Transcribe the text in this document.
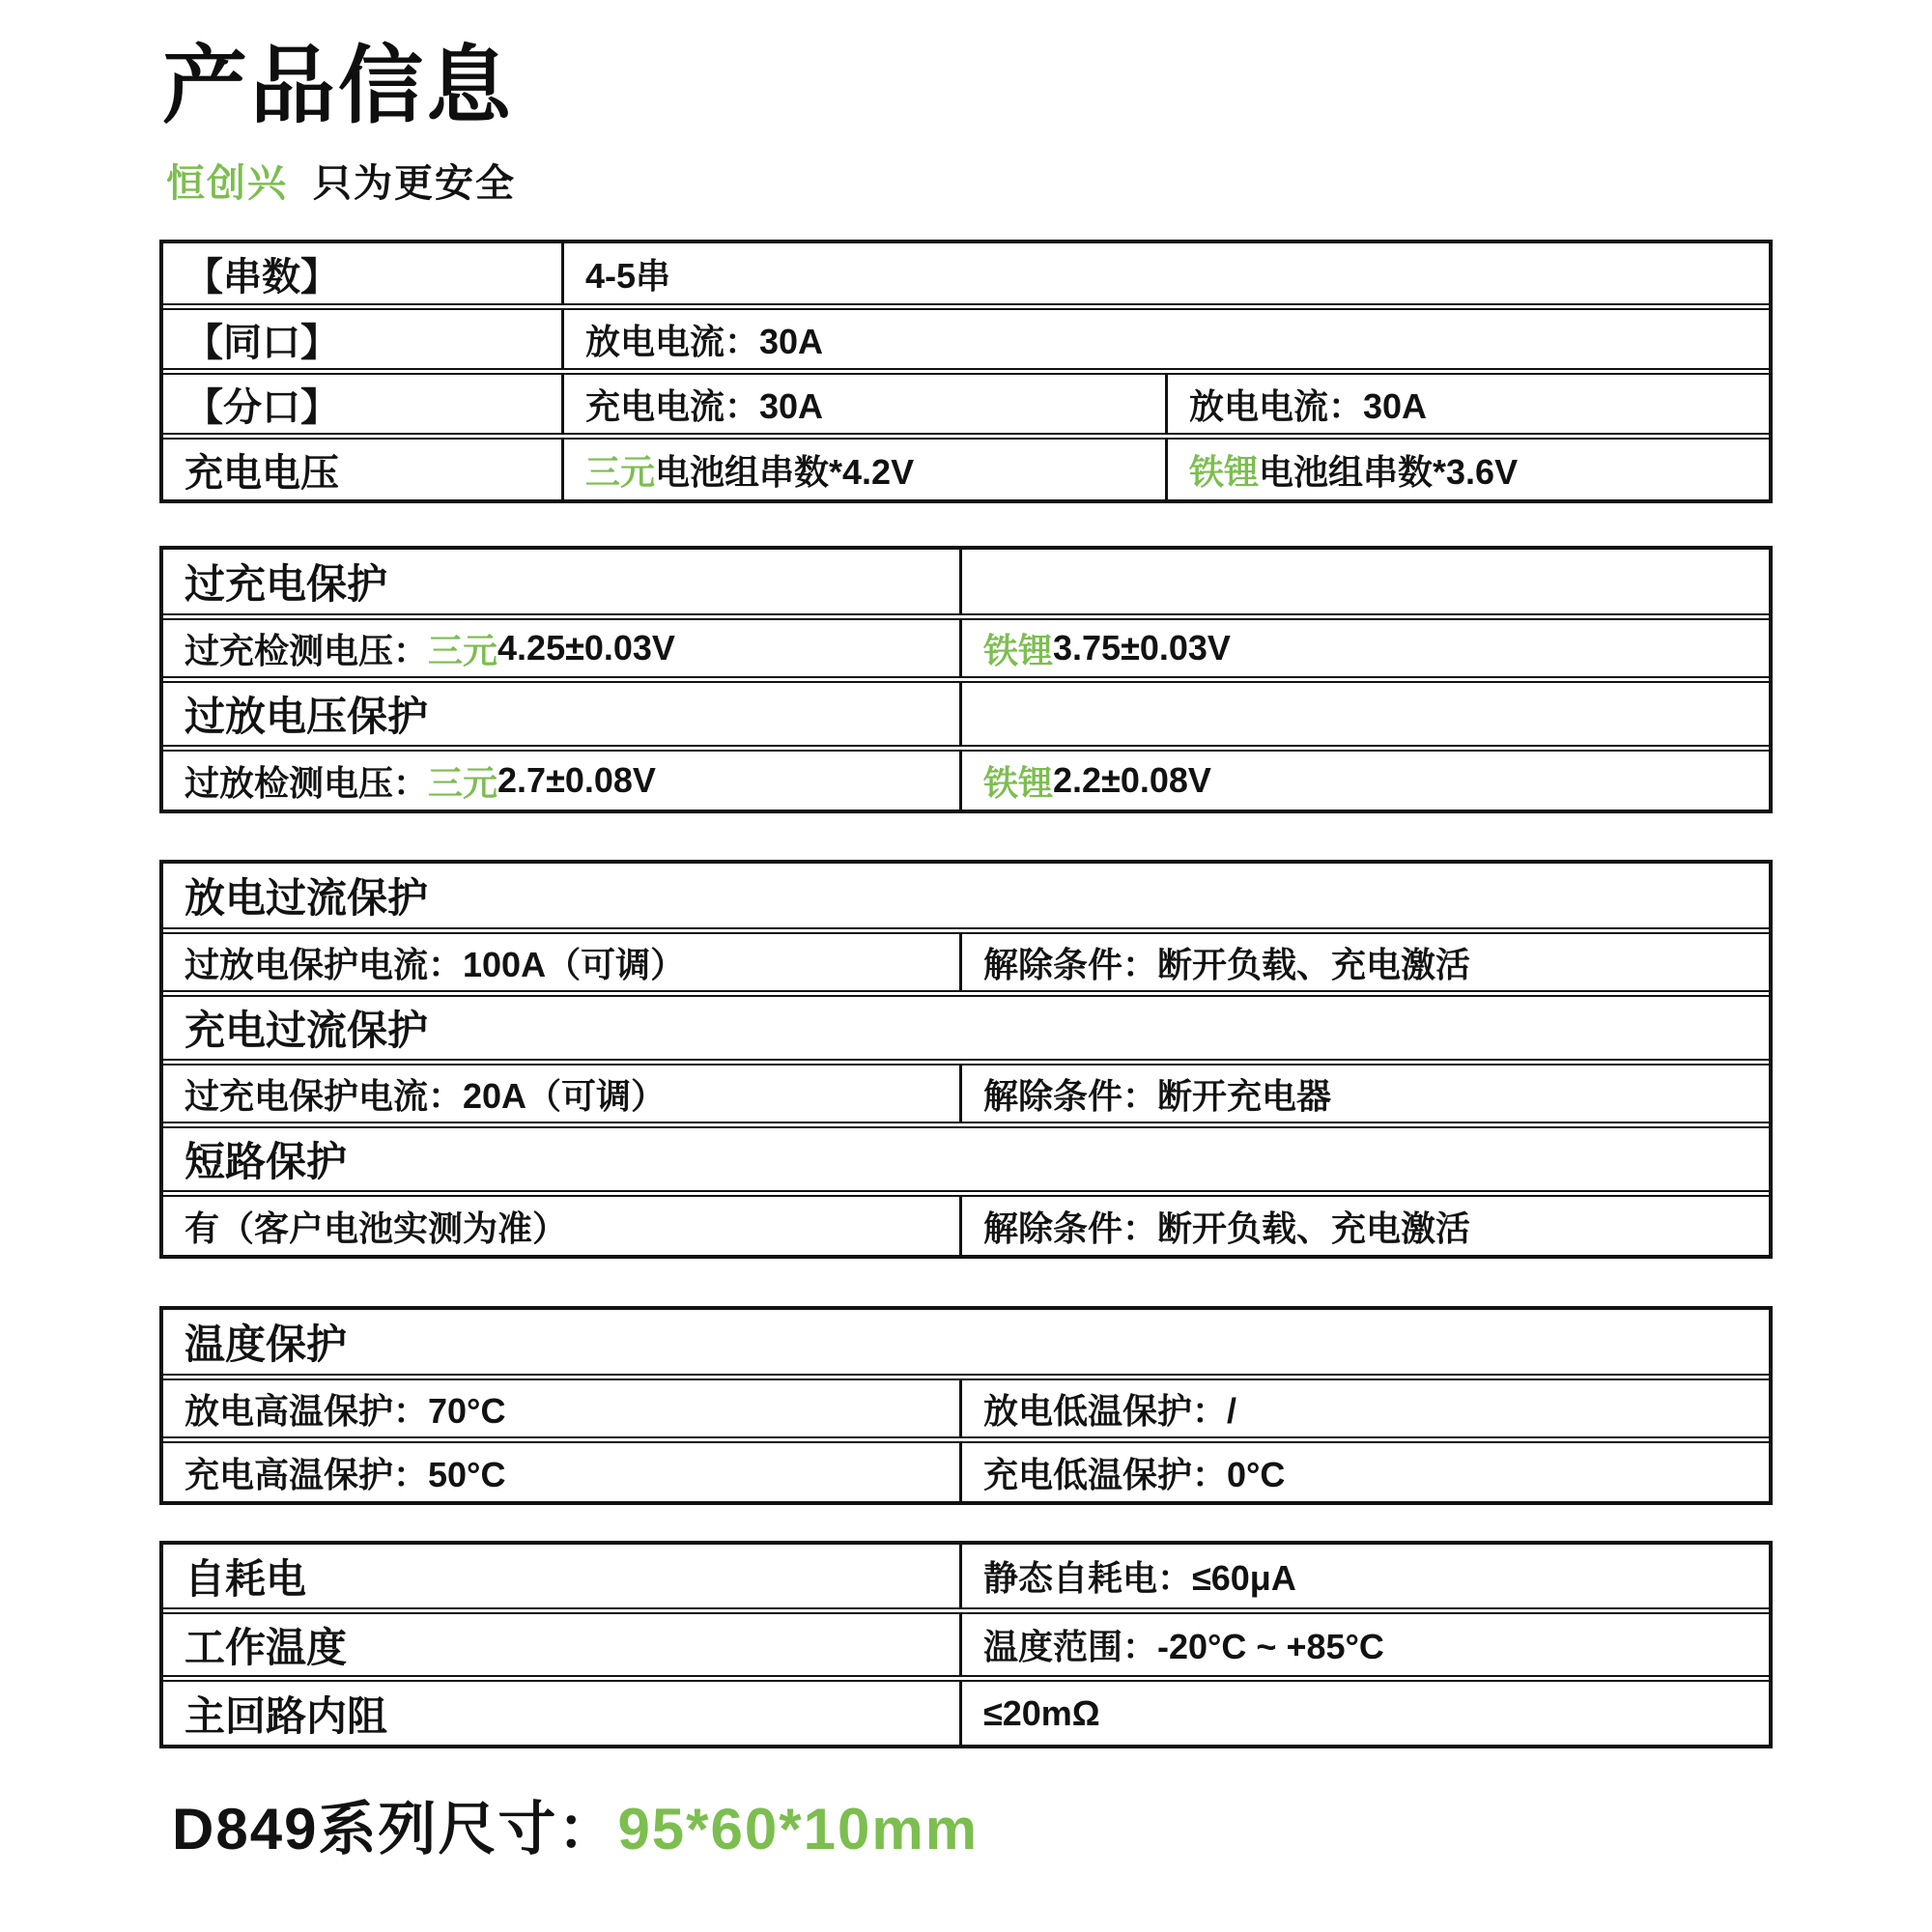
产品信息
恒创兴 只为更安全
【串数】	4-5串
【同口】	放电电流：30A
【分口】	充电电流：30A	放电电流：30A
充电电压	三元 电池组串数*4.2V	铁锂 电池组串数*3.6V
过充电保护
过充检测电压： 三元 4.25±0.03V	铁锂 3.75±0.03V
过放电压保护
过放检测电压： 三元 2.7±0.08V	铁锂 2.2±0.08V
放电过流保护
过放电保护电流：100A（可调）	解除条件：断开负载、充电激活
充电过流保护
过充电保护电流：20A（可调）	解除条件：断开充电器
短路保护
有（客户电池实测为准）	解除条件：断开负载、充电激活
温度保护
放电高温保护：70°C	放电低温保护：/
充电高温保护：50°C	充电低温保护：0°C
自耗电	静态自耗电：≤60μA
工作温度	温度范围：-20°C ~ +85°C
主回路内阻	≤20mΩ
D849系列尺寸：95*60*10mm
